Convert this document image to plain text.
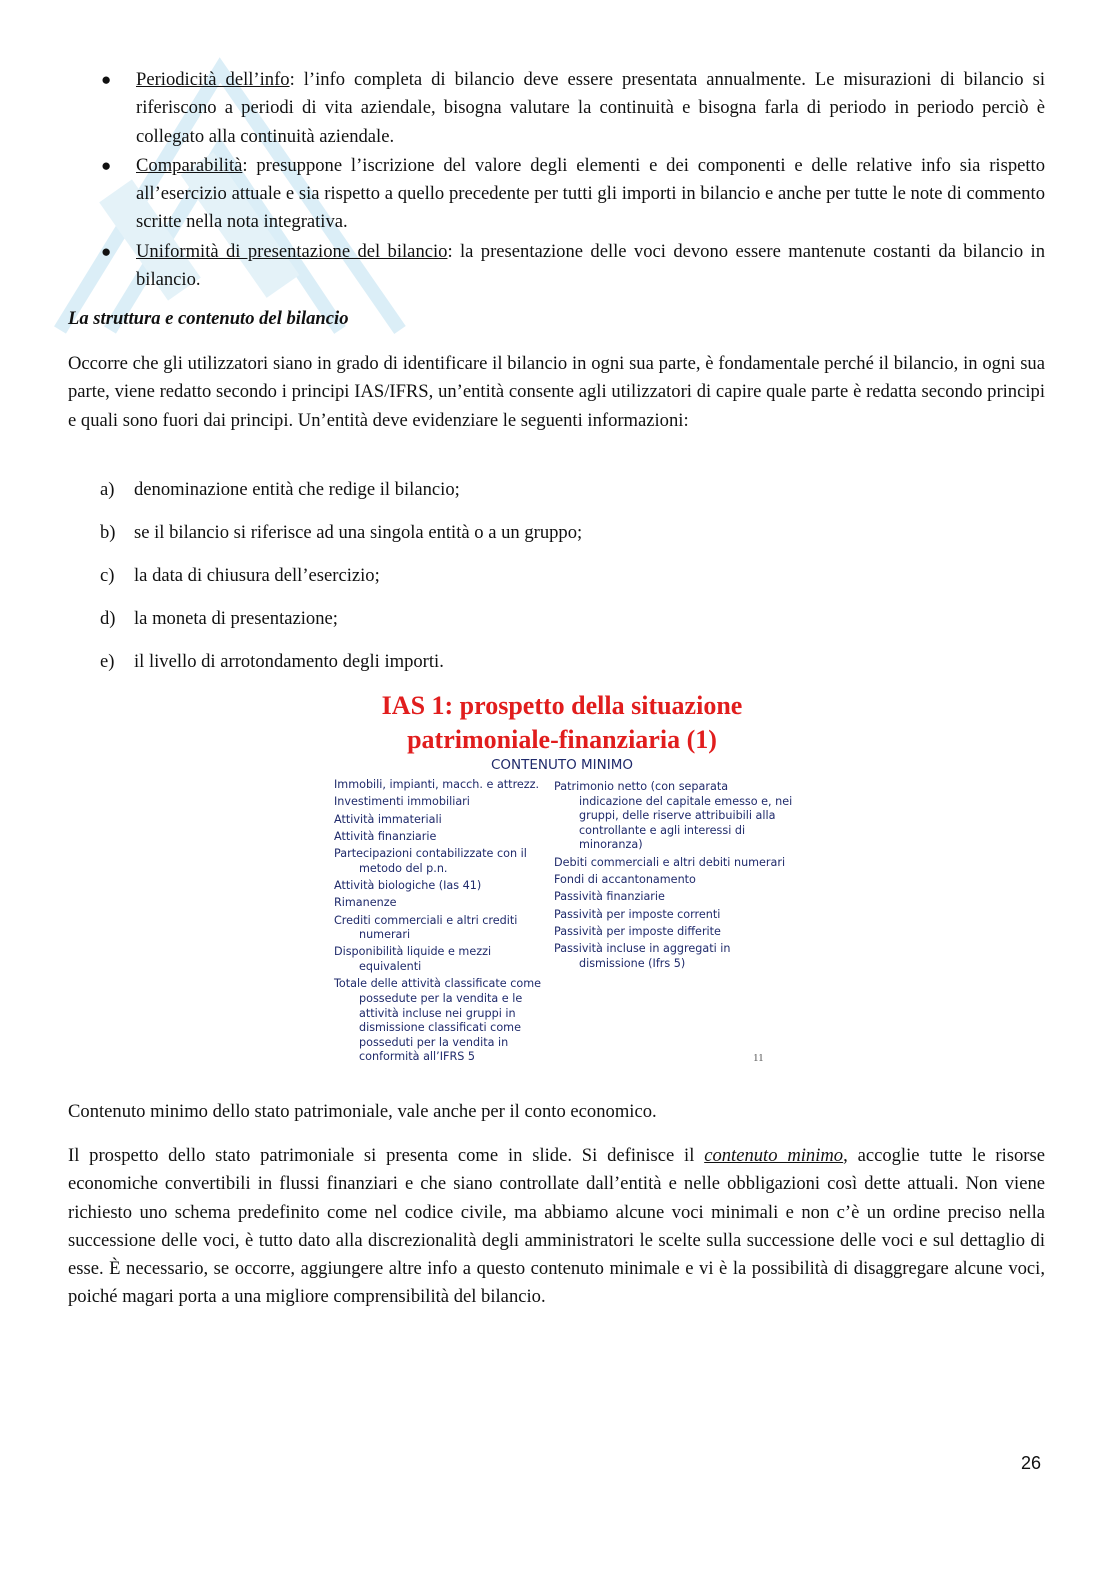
● Periodicità dell’info: l’info completa di bilancio deve essere presentata annualmente. Le misurazioni di bilancio si riferiscono a periodi di vita aziendale, bisogna valutare la continuità e bisogna farla di periodo in periodo perciò è collegato alla continuità aziendale.
● Comparabilità: presuppone l’iscrizione del valore degli elementi e dei componenti e delle relative info sia rispetto all’esercizio attuale e sia rispetto a quello precedente per tutti gli importi in bilancio e anche per tutte le note di commento scritte nella nota integrativa.
● Uniformità di presentazione del bilancio: la presentazione delle voci devono essere mantenute costanti da bilancio in bilancio.
La struttura e contenuto del bilancio

Occorre che gli utilizzatori siano in grado di identificare il bilancio in ogni sua parte, è fondamentale perché il bilancio, in ogni sua parte, viene redatto secondo i principi IAS/IFRS, un’entità consente agli utilizzatori di capire quale parte è redatta secondo principi e quali sono fuori dai principi. Un’entità deve evidenziare le seguenti informazioni:

a) denominazione entità che redige il bilancio;
b) se il bilancio si riferisce ad una singola entità o a un gruppo;
c) la data di chiusura dell’esercizio;
d) la moneta di presentazione;
e) il livello di arrotondamento degli importi.
IAS 1: prospetto della situazione
patrimoniale-finanziaria (1)
CONTENUTO MINIMO
Immobili, impianti, macch. e attrezz.
Investimenti immobiliari
Attività immateriali
Attività finanziarie
Partecipazioni contabilizzate con il metodo del p.n.
Attività biologiche (Ias 41)
Rimanenze
Crediti commerciali e altri crediti numerari
Disponibilità liquide e mezzi equivalenti
Totale delle attività classificate come possedute per la vendita e le attività incluse nei gruppi in dismissione classificati come posseduti per la vendita in conformità all’IFRS 5
Patrimonio netto (con separata indicazione del capitale emesso e, nei gruppi, delle riserve attribuibili alla controllante e agli interessi di minoranza)
Debiti commerciali e altri debiti numerari
Fondi di accantonamento
Passività finanziarie
Passività per imposte correnti
Passività per imposte differite
Passività incluse in aggregati in dismissione (Ifrs 5)
11

Contenuto minimo dello stato patrimoniale, vale anche per il conto economico.

Il prospetto dello stato patrimoniale si presenta come in slide. Si definisce il contenuto minimo, accoglie tutte le risorse economiche convertibili in flussi finanziari e che siano controllate dall’entità e nelle obbligazioni così dette attuali. Non viene richiesto uno schema predefinito come nel codice civile, ma abbiamo alcune voci minimali e non c’è un ordine preciso nella successione delle voci, è tutto dato alla discrezionalità degli amministratori le scelte sulla successione delle voci e sul dettaglio di esse. È necessario, se occorre, aggiungere altre info a questo contenuto minimale e vi è la possibilità di disaggregare alcune voci, poiché magari porta a una migliore comprensibilità del bilancio.

26
